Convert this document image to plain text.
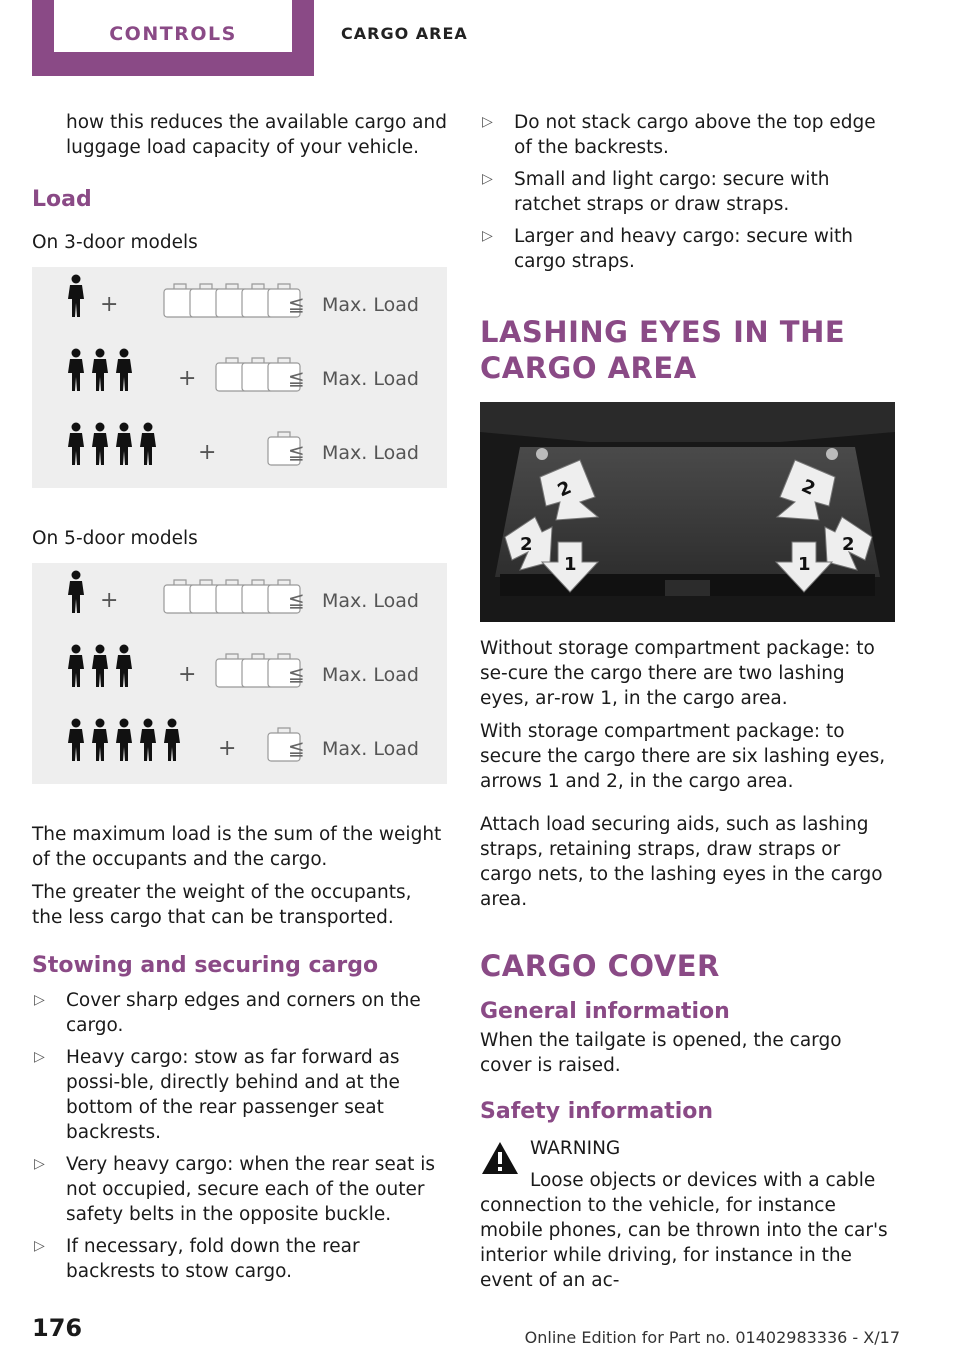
CONTROLS	CARGO AREA

how this reduces the available cargo and luggage load capacity of your vehicle.

Load

On 3-door models

+	≦ Max. Load
+	≦ Max. Load
+	≦ Max. Load

On 5-door models

+	≦ Max. Load
+	≦ Max. Load
+	≦ Max. Load

The maximum load is the sum of the weight of the occupants and the cargo.

The greater the weight of the occupants, the less cargo that can be transported.

Stowing and securing cargo
▷ Cover sharp edges and corners on the cargo.
▷ Heavy cargo: stow as far forward as possi‐ble, directly behind and at the bottom of the rear passenger seat backrests.
▷ Very heavy cargo: when the rear seat is not occupied, secure each of the outer safety belts in the opposite buckle.
▷ If necessary, fold down the rear backrests to stow cargo.
▷ Do not stack cargo above the top edge of the backrests.
▷ Small and light cargo: secure with ratchet straps or draw straps.
▷ Larger and heavy cargo: secure with cargo straps.
LASHING EYES IN THE CARGO AREA
2	2
2	2
1	1

Without storage compartment package: to se‐cure the cargo there are two lashing eyes, ar‐row 1, in the cargo area.

With storage compartment package: to secure the cargo there are six lashing eyes, arrows 1 and 2, in the cargo area.

Attach load securing aids, such as lashing straps, retaining straps, draw straps or cargo nets, to the lashing eyes in the cargo area.

CARGO COVER
General information

When the tailgate is opened, the cargo cover is raised.

Safety information

WARNING

Loose objects or devices with a cable

connection to the vehicle, for instance mobile phones, can be thrown into the car's interior while driving, for instance in the event of an ac‐

176	Online Edition for Part no. 01402983336 - X/17
